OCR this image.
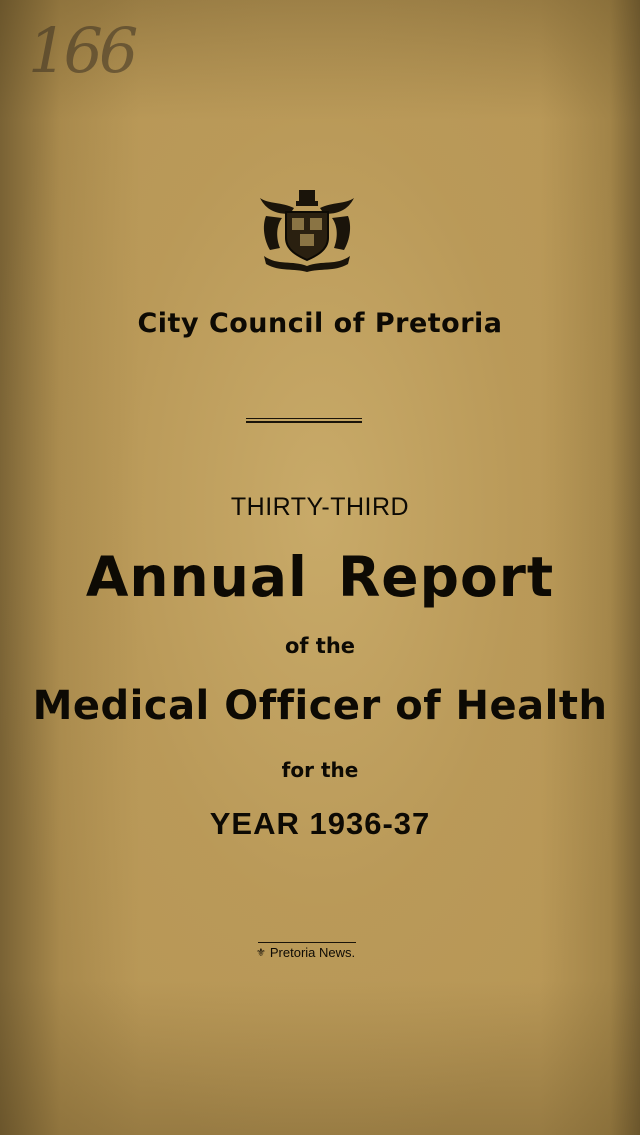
166
City Council of Pretoria
THIRTY-THIRD
Annual Report
of the
Medical Officer of Health
for the
YEAR 1936-37
⚜ Pretoria News.
